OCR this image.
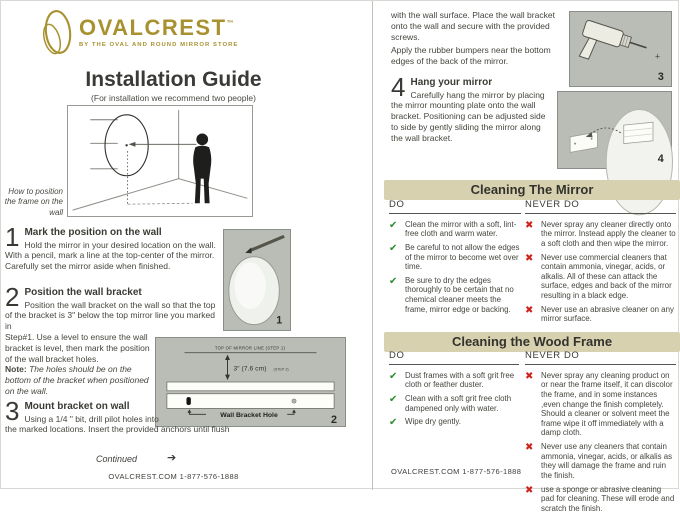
OVALCREST™
BY THE OVAL AND ROUND MIRROR STORE
Installation Guide
(For installation we recommend two people)
How to position the frame on the wall
1 Mark the position on the wall

Hold the mirror in your desired location on the wall. With a pencil, mark a line at the top-center of the mirror. Carefully set the mirror aside when finished.

1
2 Position the wall bracket

Position the wall bracket on the wall so that the top of the bracket is 3" below the top mirror line you marked in

Step#1. Use a level to ensure the wall bracket is level, then mark the position of the wall bracket holes.

Note: The holes should be on the bottom of the bracket when positioned on the wall.

TOP OF MIRROR LINE (STEP 1)
3" (7.6 cm) (STEP 2)
Wall Bracket Hole	2
3 Mount bracket on wall

Using a 1/4 " bit, drill pilot holes into

the marked locations. Insert the provided anchors until flush

Continued	➔
OVALCREST.COM 1-877-576-1888
with the wall surface. Place the wall bracket onto the wall and secure with the provided screws.
Apply the rubber bumpers near the bottom edges of the back of the mirror.	+
3
4 Hang your mirror

Carefully hang the mirror by placing the mirror mounting plate onto the wall bracket. Positioning can be adjusted side to side by gently sliding the mirror along the wall bracket.

4
Cleaning The Mirror
DO
✔ Clean the mirror with a soft, lint-free cloth and warm water.
✔ Be careful to not allow the edges of the mirror to become wet over time.
✔ Be sure to dry the edges thoroughly to be certain that no chemical cleaner meets the frame, mirror edge or backing.
NEVER DO
✖ Never spray any cleaner directly onto the mirror. Instead apply the cleaner to a soft cloth and then wipe the mirror.
✖ Never use commercial cleaners that contain ammonia, vinegar, acids, or alkalis. All of these can attack the surface, edges and back of the mirror resulting in a black edge.
✖ Never use an abrasive cleaner on any mirror surface.
Cleaning the Wood Frame
DO
✔ Dust frames with a soft grit free cloth or feather duster.
✔ Clean with a soft grit free cloth dampened only with water.
✔ Wipe dry gently.
NEVER DO
✖ Never spray any cleaning product on or near the frame itself, it can discolor the frame, and in some instances ,even change the finish completely. Should a cleaner or solvent meet the frame wipe it off immediately with a damp cloth.
✖ Never use any cleaners that contain ammonia, vinegar, acids, or alkalis as they will damage the frame and ruin the finish.
✖ use a sponge or abrasive cleaning pad for cleaning. These will erode and scratch the finish.
OVALCREST.COM 1-877-576-1888
